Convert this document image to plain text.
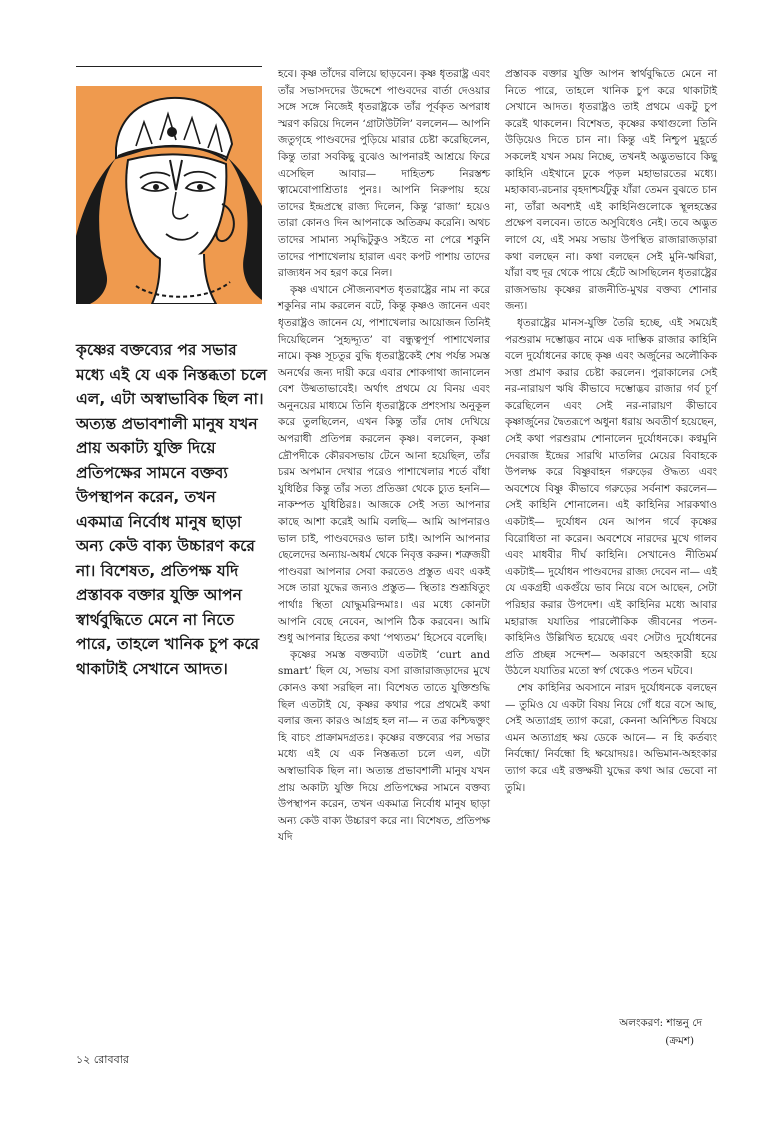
কৃষ্ণের বক্তব্যের পর সভার মধ্যে এই যে এক নিস্তব্ধতা চলে এল, এটা অস্বাভাবিক ছিল না। অত্যন্ত প্রভাবশালী মানুষ যখন প্রায় অকাট্য যুক্তি দিয়ে প্রতিপক্ষের সামনে বক্তব্য উপস্থাপন করেন, তখন একমাত্র নির্বোধ মানুষ ছাড়া অন্য কেউ বাক্য উচ্চারণ করে না। বিশেষত, প্রতিপক্ষ যদি প্রস্তাবক বক্তার যুক্তি আপন স্বার্থবুদ্ধিতে মেনে না নিতে পারে, তাহলে খানিক চুপ করে থাকাটাই সেখানে আদত।

হবে। কৃষ্ণ তাঁদের বলিয়ে ছাড়বেন। কৃষ্ণ ধৃতরাষ্ট্র এবং তাঁর সভাসদদের উদ্দেশে পাণ্ডবদের বার্তা দেওয়ার সঙ্গে সঙ্গে নিজেই ধৃতরাষ্ট্রকে তাঁর পূর্বকৃত অপরাধ স্মরণ করিয়ে দিলেন ‘গ্রাটাউটলি’ বললেন— আপনি জতুগৃহে পাণ্ডবদের পুড়িয়ে মারার চেষ্টা করেছিলেন, কিন্তু তারা সবকিছু বুঝেও আপনারই আশ্রয়ে ফিরে এসেছিল আবার— দাহিতশ্চ নিরস্তশ্চ ত্বামেবোপাশ্রিতাঃ পুনঃ। আপনি নিরুপায় হয়ে তাদের ইন্দ্রপ্রস্থে রাজ্য দিলেন, কিন্তু ‘রাজা’ হয়েও তারা কোনও দিন আপনাকে অতিক্রম করেনি। অথচ তাদের সামান্য সমৃদ্ধিটুকুও সইতে না পেরে শকুনি তাদের পাশাখেলায় হারাল এবং কপট পাশায় তাদের রাজ্যধন সব হরণ করে নিল।

কৃষ্ণ এখানে সৌজন্যবশত ধৃতরাষ্ট্রের নাম না করে শকুনির নাম করলেন বটে, কিন্তু কৃষ্ণও জানেন এবং ধৃতরাষ্ট্রও জানেন যে, পাশাখেলার আয়োজন তিনিই দিয়েছিলেন ‘সুহৃদ্দ্যূত’ বা বন্ধুত্বপূর্ণ পাশাখেলার নামে। কৃষ্ণ সূচতুর বুদ্ধি ধৃতরাষ্ট্রকেই শেষ পর্যন্ত সমস্ত অনর্থের জন্য দায়ী করে এবার শোকগাথা জানালেন বেশ উষ্মতাভাবেই। অর্থাৎ প্রথমে যে বিনয় এবং অনুনয়ের মাধ্যমে তিনি ধৃতরাষ্ট্রকে প্রশংসায় অনুকূল করে তুলছিলেন, এখন কিন্তু তাঁর দোষ দেখিয়ে অপরাধী প্রতিপন্ন করলেন কৃষ্ণ। বললেন, কৃষ্ণা দ্রৌপদীকে কৌরবসভায় টেনে আনা হয়েছিল, তাঁর চরম অপমান দেখার পরেও পাশাখেলার শর্তে বাঁধা যুধিষ্ঠির কিন্তু তাঁর সত্য প্রতিজ্ঞা থেকে চ্যুত হননি— নাকম্পত যুধিষ্ঠিরঃ। আজকে সেই সত্য আপনার কাছে আশা করেই আমি বলছি— আমি আপনারও ভাল চাই, পাণ্ডবদেরও ভাল চাই। আপনি আপনার ছেলেদের অন্যায়-অধর্ম থেকে নিবৃত্ত করুন। শত্রুজয়ী পাণ্ডবরা আপনার সেবা করতেও প্রস্তুত এবং একই সঙ্গে তারা যুদ্ধের জন্যও প্রস্তুত— স্থিতাঃ শুশ্রূষিতুং পার্থাঃ স্থিতা যোদ্ধুমরিন্দমাঃ। এর মধ্যে কোনটা আপনি বেছে নেবেন, আপনি ঠিক করবেন। আমি শুধু আপনার হিতের কথা ‘পথ্যতম’ হিসেবে বলেছি।

কৃষ্ণের সমস্ত বক্তব্যটা এতটাই ‘curt and smart’ ছিল যে, সভায় বসা রাজারাজড়াদের মুখে কোনও কথা সরছিল না। বিশেষত তাতে যুক্তিশুদ্ধি ছিল এতটাই যে, কৃষ্ণর কথার পরে প্রথমেই কথা বলার জন্য কারও আগ্রহ হল না— ন তত্র কশ্চিদ্বক্তুং হি বাচং প্রাক্রামদগ্রতঃ। কৃষ্ণের বক্তব্যের পর সভার মধ্যে এই যে এক নিস্তব্ধতা চলে এল, এটা অস্বাভাবিক ছিল না। অত্যন্ত প্রভাবশালী মানুষ যখন প্রায় অকাট্য যুক্তি দিয়ে প্রতিপক্ষের সামনে বক্তব্য উপস্থাপন করেন, তখন একমাত্র নির্বোধ মানুষ ছাড়া অন্য কেউ বাক্য উচ্চারণ করে না। বিশেষত, প্রতিপক্ষ যদি

প্রস্তাবক বক্তার যুক্তি আপন স্বার্থবুদ্ধিতে মেনে না নিতে পারে, তাহলে খানিক চুপ করে থাকাটাই সেখানে আদত। ধৃতরাষ্ট্রও তাই প্রথমে একটু চুপ করেই থাকলেন। বিশেষত, কৃষ্ণের কথাগুলো তিনি উড়িয়েও দিতে চান না। কিন্তু এই নিশ্চুপ মুহূর্তে সকলেই যখন সময় নিচ্ছে, তখনই অদ্ভুতভাবে কিছু কাহিনি এইখানে ঢুকে পড়ল মহাভারতের মধ্যে। মহাকাব্য-রচনার বৃহদাশ্চর্যটুকু যাঁরা তেমন বুঝতে চান না, তাঁরা অবশ্যই এই কাহিনিগুলোকে স্থূলহস্তের প্রক্ষেপ বলবেন। তাতে অসুবিধেও নেই। তবে অদ্ভুত লাগে যে, এই সময় সভায় উপস্থিত রাজারাজড়ারা কথা বলছেন না। কথা বলছেন সেই মুনি-ঋষিরা, যাঁরা বহু দূর থেকে পায়ে হেঁটে আসছিলেন ধৃতরাষ্ট্রের রাজসভায় কৃষ্ণের রাজনীতি-মুখর বক্তব্য শোনার জন্য।

ধৃতরাষ্ট্রের মানস-যুক্তি তৈরি হচ্ছে, এই সময়েই পরশুরাম দম্ভোদ্ভব নামে এক দাম্ভিক রাজার কাহিনি বলে দুর্যোধনের কাছে কৃষ্ণ এবং অর্জুনের অলৌকিক সত্তা প্রমাণ করার চেষ্টা করলেন। পুরাকালের সেই নর-নারায়ণ ঋষি কীভাবে দম্ভোদ্ভব রাজার গর্ব চূর্ণ করেছিলেন এবং সেই নর-নারায়ণ কীভাবে কৃষ্ণার্জুনের দ্বৈতরূপে অধুনা ধরায় অবতীর্ণ হয়েছেন, সেই কথা পরশুরাম শোনালেন দুর্যোধনকে। কণ্বমুনি দেবরাজ ইন্দ্রের সারথি মাতলির মেয়ের বিবাহকে উপলক্ষ করে বিষ্ণুবাহন গরুড়ের ঔদ্ধত্য এবং অবশেষে বিষ্ণু কীভাবে গরুড়ের সর্বনাশ করলেন— সেই কাহিনি শোনালেন। এই কাহিনির সারকথাও একটাই— দুর্যোধন যেন আপন গর্বে কৃষ্ণের বিরোধিতা না করেন। অবশেষে নারদের মুখে গালব এবং মাধবীর দীর্ঘ কাহিনি। সেখানেও নীতিমর্ম একটাই— দুর্যোধন পাণ্ডবদের রাজ্য দেবেন না— এই যে একগ্রহী একগুঁয়ে ভাব নিয়ে বসে আছেন, সেটা পরিহার করার উপদেশ। এই কাহিনির মধ্যে আবার মহারাজ যযাতির পারলৌকিক জীবনের পতন-কাহিনিও উল্লিখিত হয়েছে এবং সেটাও দুর্যোধনের প্রতি প্রচ্ছন্ন সন্দেশ— অকারণে অহংকারী হয়ে উঠলে যযাতির মতো স্বর্গ থেকেও পতন ঘটবে।

শেষ কাহিনির অবসানে নারদ দুর্যোধনকে বলছেন— তুমিও যে একটা বিষয় নিয়ে গোঁ ধরে বসে আছ, সেই অত্যাগ্রহ ত্যাগ করো, কেননা অনিশ্চিত বিষয়ে এমন অত্যাগ্রহ ক্ষয় ডেকে আনে— ন হি কর্তব্যং নির্বন্ধো/ নির্বন্ধো হি ক্ষয়োদয়ঃ। অভিমান-অহংকার ত্যাগ করে এই রক্তক্ষয়ী যুদ্ধের কথা আর ভেবো না তুমি।

অলংকরণ: শান্তনু দে

(ক্রমশ)

১২ রোববার
